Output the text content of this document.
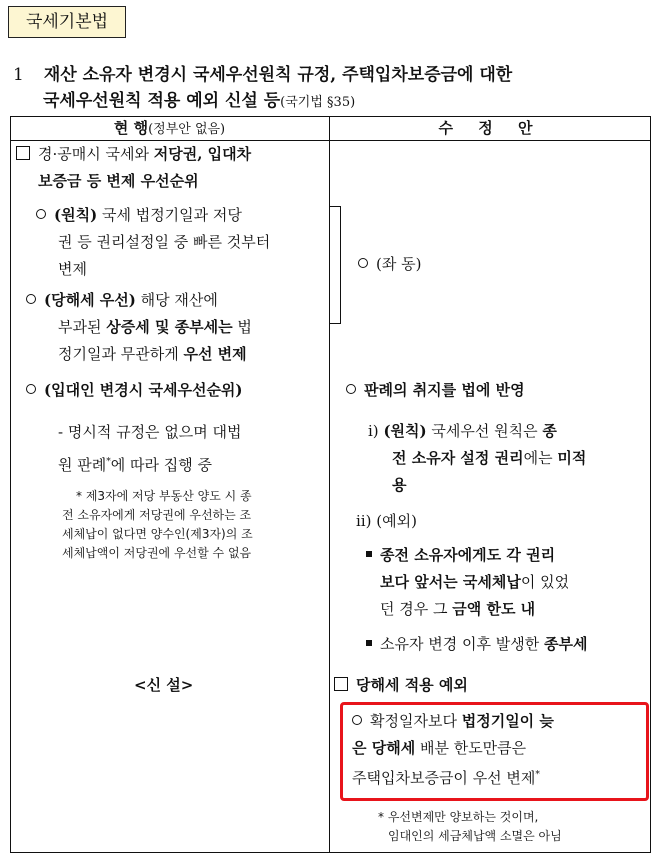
국세기본법
1 재산 소유자 변경시 국세우선원칙 규정, 주택입차보증금에 대한
국세우선원칙 적용 예외 신설 등(국기법 §35)
현 행(정부안 없음)	수 정 안
경·공매시 국세와 저당권, 입대차
보증금 등 변제 우선순위
(원칙) 국세 법정기일과 저당
권 등 권리설정일 중 빠른 것부터
변제
(당해세 우선) 해당 재산에
부과된 상증세 및 종부세는 법
정기일과 무관하게 우선 변제
(입대인 변경시 국세우선순위)
- 명시적 규정은 없으며 대법
원 판례*에 따라 집행 중
* 제3자에 저당 부동산 양도 시 종
전 소유자에게 저당권에 우선하는 조
세체납이 없다면 양수인(제3자)의 조
세체납액이 저당권에 우선할 수 없음
<신 설>
(좌 동)
판례의 취지를 법에 반영
ⅰ) (원칙) 국세우선 원칙은 종
전 소유자 설정 권리에는 미적
용
ⅱ) (예외)
종전 소유자에게도 각 권리
보다 앞서는 국세체납이 있었
던 경우 그 금액 한도 내
소유자 변경 이후 발생한 종부세
당해세 적용 예외
확정일자보다 법정기일이 늦
은 당해세 배분 한도만큼은
주택입차보증금이 우선 변제*
* 우선변제만 양보하는 것이며,
임대인의 세금체납액 소멸은 아님
